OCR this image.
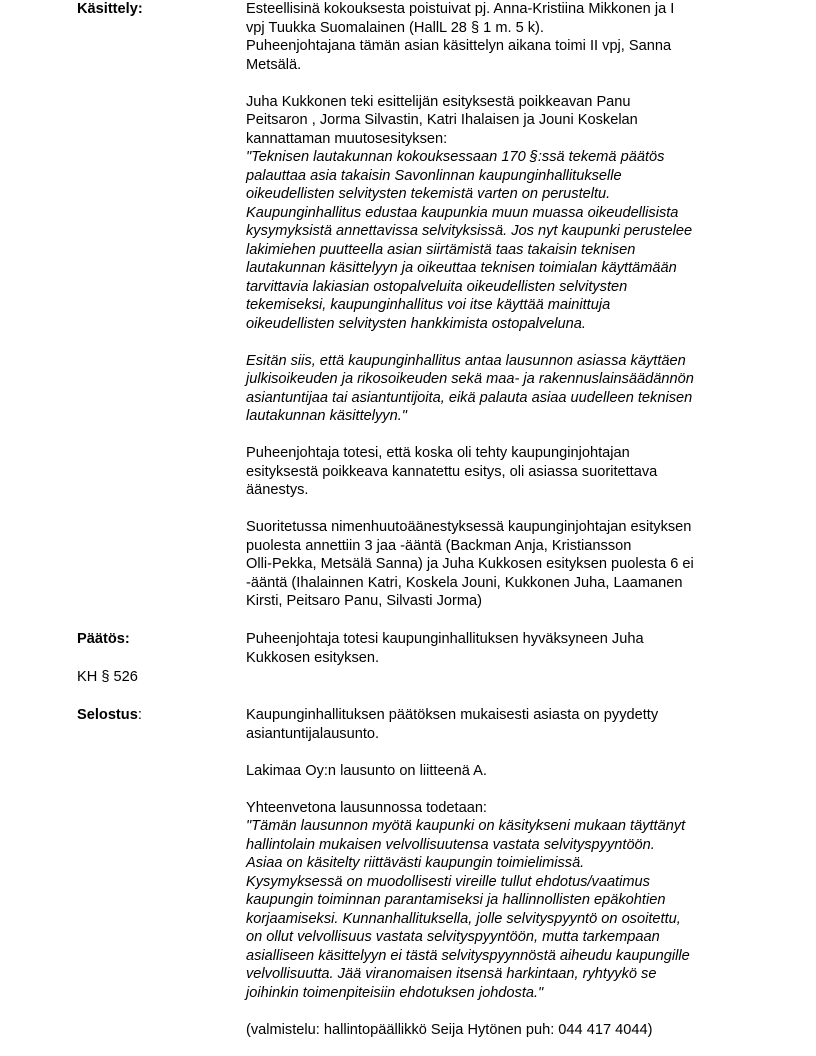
Käsittely:	Esteellisinä kokouksesta poistuivat pj. Anna-Kristiina Mikkonen ja I
vpj Tuukka Suomalainen (HallL 28 § 1 m. 5 k).
Puheenjohtajana tämän asian käsittelyn aikana toimi II vpj, Sanna
Metsälä.

Juha Kukkonen teki esittelijän esityksestä poikkeavan Panu
Peitsaron , Jorma Silvastin, Katri Ihalaisen ja Jouni Koskelan
kannattaman muutosesityksen:

"Teknisen lautakunnan kokouksessaan 170 §:ssä tekemä päätös
palauttaa asia takaisin Savonlinnan kaupunginhallitukselle
oikeudellisten selvitysten tekemistä varten on perusteltu.
Kaupunginhallitus edustaa kaupunkia muun muassa oikeudellisista
kysymyksistä annettavissa selvityksissä. Jos nyt kaupunki perustelee
lakimiehen puutteella asian siirtämistä taas takaisin teknisen
lautakunnan käsittelyyn ja oikeuttaa teknisen toimialan käyttämään
tarvittavia lakiasian ostopalveluita oikeudellisten selvitysten
tekemiseksi, kaupunginhallitus voi itse käyttää mainittuja
oikeudellisten selvitysten hankkimista ostopalveluna.

Esitän siis, että kaupunginhallitus antaa lausunnon asiassa käyttäen
julkisoikeuden ja rikosoikeuden sekä maa- ja rakennuslainsäädännön
asiantuntijaa tai asiantuntijoita, eikä palauta asiaa uudelleen teknisen
lautakunnan käsittelyyn."

Puheenjohtaja totesi, että koska oli tehty kaupunginjohtajan
esityksestä poikkeava kannatettu esitys, oli asiassa suoritettava
äänestys.

Suoritetussa nimenhuutoäänestyksessä kaupunginjohtajan esityksen
puolesta annettiin 3 jaa -ääntä (Backman Anja, Kristiansson
Olli-Pekka, Metsälä Sanna) ja Juha Kukkosen esityksen puolesta 6 ei
-ääntä (Ihalainnen Katri, Koskela Jouni, Kukkonen Juha, Laamanen
Kirsti, Peitsaro Panu, Silvasti Jorma)

Päätös:
KH § 526

Puheenjohtaja totesi kaupunginhallituksen hyväksyneen Juha
Kukkosen esityksen.

Selostus:	Kaupunginhallituksen päätöksen mukaisesti asiasta on pyydetty
asiantuntijalausunto.

Lakimaa Oy:n lausunto on liitteenä A.

Yhteenvetona lausunnossa todetaan:

"Tämän lausunnon myötä kaupunki on käsitykseni mukaan täyttänyt
hallintolain mukaisen velvollisuutensa vastata selvityspyyntöön.
Asiaa on käsitelty riittävästi kaupungin toimielimissä.
Kysymyksessä on muodollisesti vireille tullut ehdotus/vaatimus
kaupungin toiminnan parantamiseksi ja hallinnollisten epäkohtien
korjaamiseksi. Kunnanhallituksella, jolle selvityspyyntö on osoitettu,
on ollut velvollisuus vastata selvityspyyntöön, mutta tarkempaan
asialliseen käsittelyyn ei tästä selvityspyynnöstä aiheudu kaupungille
velvollisuutta. Jää viranomaisen itsensä harkintaan, ryhtyykö se
joihinkin toimenpiteisiin ehdotuksen johdosta."

(valmistelu: hallintopäällikkö Seija Hytönen puh: 044 417 4044)
